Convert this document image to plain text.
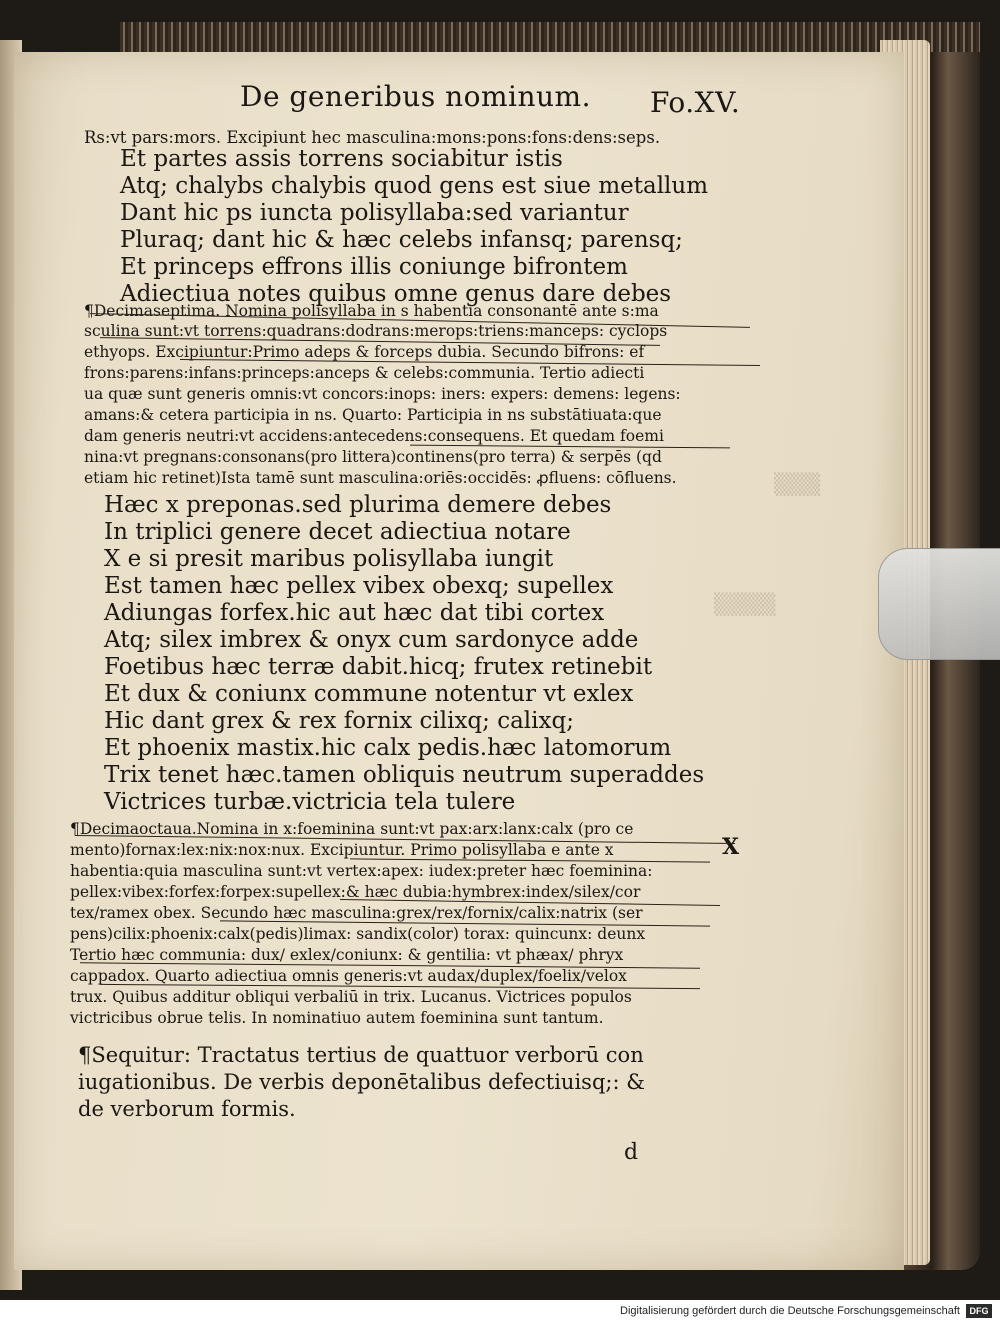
▒▒▒
▒▒▒▒
De generibus nominum. Fo.XV.
Rs:vt pars:mors. Excipiunt hec masculina:mons:pons:fons:dens:seps.
Et partes assis torrens sociabitur istis
Atq; chalybs chalybis quod gens est siue metallum
Dant hic ps iuncta polisyllaba:sed variantur
Pluraq; dant hic & hæc celebs infansq; parensq;
Et princeps effrons illis coniunge bifrontem
Adiectiua notes quibus omne genus dare debes
¶Decimaseptima. Nomina polisyllaba in s habentia consonantē ante s:ma
sculina sunt:vt torrens:quadrans:dodrans:merops:triens:manceps: cyclops
ethyops. Excipiuntur:Primo adeps & forceps dubia. Secundo bifrons: ef
frons:parens:infans:princeps:anceps & celebs:communia. Tertio adiecti
ua quæ sunt generis omnis:vt concors:inops: iners: expers: demens: legens:
amans:& cetera participia in ns. Quarto: Participia in ns substātiuata:que
dam generis neutri:vt accidens:antecedens:consequens. Et quedam foemi
nina:vt pregnans:consonans(pro littera)continens(pro terra) & serpēs (qd
etiam hic retinet)Ista tamē sunt masculina:oriēs:occidēs: ꝓfluens: cōfluens.
Hæc x preponas.sed plurima demere debes
In triplici genere decet adiectiua notare
X e si presit maribus polisyllaba iungit
Est tamen hæc pellex vibex obexq; supellex
Adiungas forfex.hic aut hæc dat tibi cortex
Atq; silex imbrex & onyx cum sardonyce adde
Foetibus hæc terræ dabit.hicq; frutex retinebit
Et dux & coniunx commune notentur vt exlex
Hic dant grex & rex fornix cilixq; calixq;
Et phoenix mastix.hic calx pedis.hæc latomorum
Trix tenet hæc.tamen obliquis neutrum superaddes
Victrices turbæ.victricia tela tulere
¶Decimaoctaua.Nomina in x:foeminina sunt:vt pax:arx:lanx:calx (pro ce
mento)fornax:lex:nix:nox:nux. Excipiuntur. Primo polisyllaba e ante x
habentia:quia masculina sunt:vt vertex:apex: iudex:preter hæc foeminina:
pellex:vibex:forfex:forpex:supellex:& hæc dubia:hymbrex:index/silex/cor
tex/ramex obex. Secundo hæc masculina:grex/rex/fornix/calix:natrix (ser
pens)cilix:phoenix:calx(pedis)limax: sandix(color) torax: quincunx: deunx
Tertio hæc communia: dux/ exlex/coniunx: & gentilia: vt phæax/ phryx
cappadox. Quarto adiectiua omnis generis:vt audax/duplex/foelix/velox
trux. Quibus additur obliqui verbaliū in trix. Lucanus. Victrices populos
victricibus obrue telis. In nominatiuo autem foeminina sunt tantum.
X
¶Sequitur: Tractatus tertius de quattuor verborū con
iugationibus. De verbis deponētalibus defectiuisq;: &
de verborum formis.
d
Digitalisierung gefördert durch die Deutsche Forschungsgemeinschaft	DFG
